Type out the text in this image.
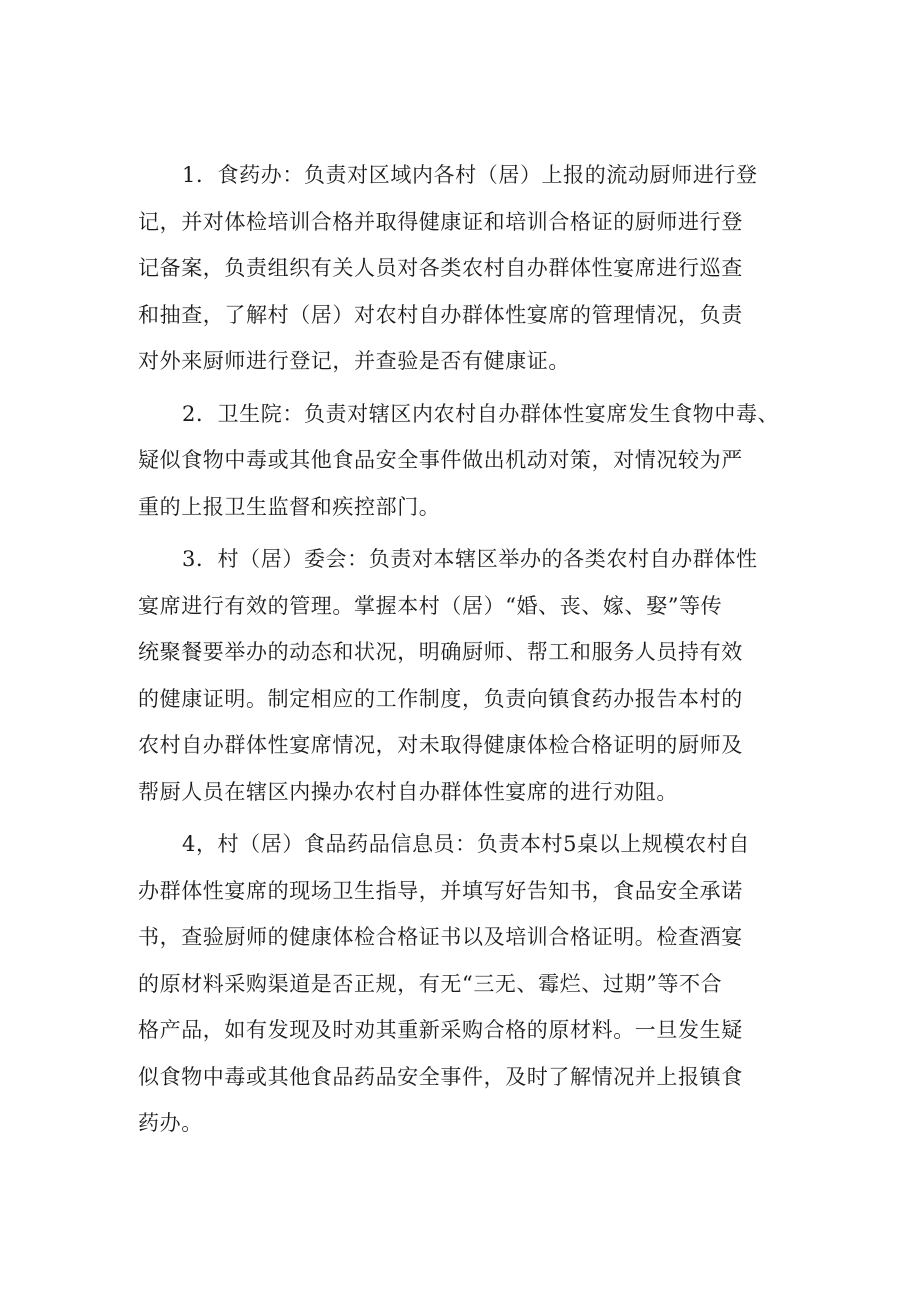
1．食药办：负责对区域内各村（居）上报的流动厨师进行登
记，并对体检培训合格并取得健康证和培训合格证的厨师进行登
记备案，负责组织有关人员对各类农村自办群体性宴席进行巡查
和抽查，了解村（居）对农村自办群体性宴席的管理情况，负责
对外来厨师进行登记，并查验是否有健康证。

2．卫生院：负责对辖区内农村自办群体性宴席发生食物中毒、
疑似食物中毒或其他食品安全事件做出机动对策，对情况较为严
重的上报卫生监督和疾控部门。

3．村（居）委会：负责对本辖区举办的各类农村自办群体性
宴席进行有效的管理。掌握本村（居）“婚、丧、嫁、娶”等传
统聚餐要举办的动态和状况，明确厨师、帮工和服务人员持有效
的健康证明。制定相应的工作制度，负责向镇食药办报告本村的
农村自办群体性宴席情况，对未取得健康体检合格证明的厨师及
帮厨人员在辖区内操办农村自办群体性宴席的进行劝阻。

4，村（居）食品药品信息员：负责本村5桌以上规模农村自
办群体性宴席的现场卫生指导，并填写好告知书，食品安全承诺
书，查验厨师的健康体检合格证书以及培训合格证明。检查酒宴
的原材料采购渠道是否正规，有无“三无、霉烂、过期”等不合
格产品，如有发现及时劝其重新采购合格的原材料。一旦发生疑
似食物中毒或其他食品药品安全事件，及时了解情况并上报镇食
药办。
